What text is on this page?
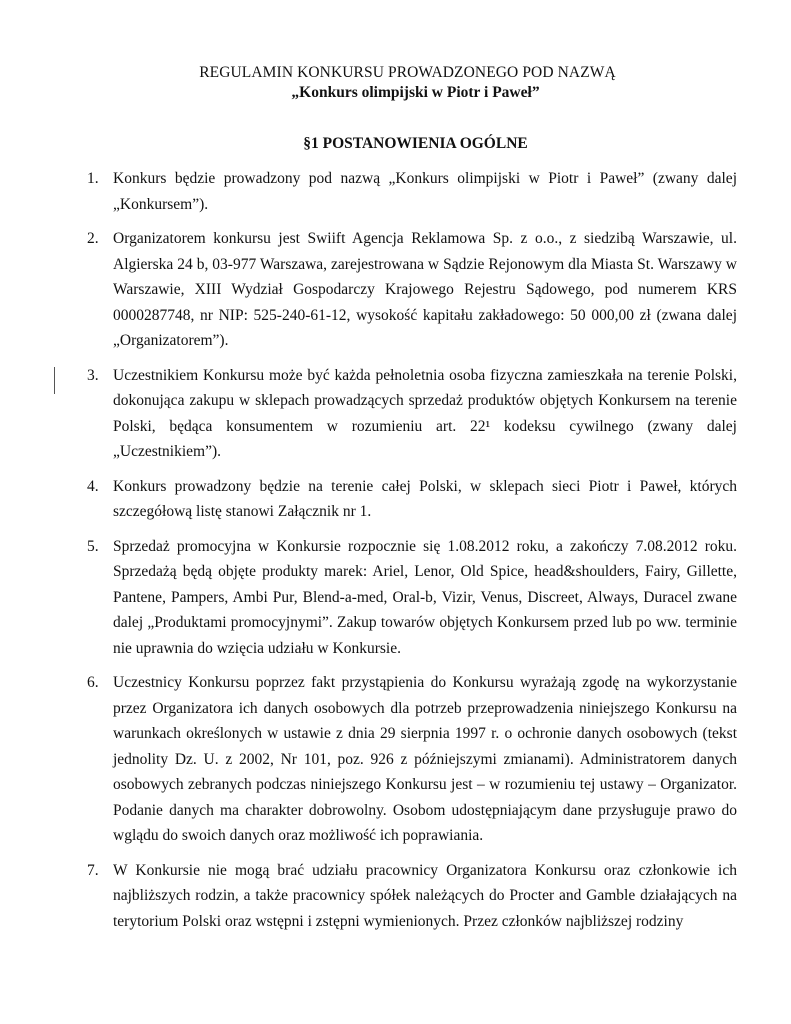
REGULAMIN KONKURSU PROWADZONEGO POD NAZWĄ
„Konkurs olimpijski w Piotr i Paweł”
§1 POSTANOWIENIA OGÓLNE
1. Konkurs będzie prowadzony pod nazwą „Konkurs olimpijski w Piotr i Paweł” (zwany dalej „Konkursem”).
2. Organizatorem konkursu jest Swiift Agencja Reklamowa Sp. z o.o., z siedzibą Warszawie, ul. Algierska 24 b, 03-977 Warszawa, zarejestrowana w Sądzie Rejonowym dla Miasta St. Warszawy w Warszawie, XIII Wydział Gospodarczy Krajowego Rejestru Sądowego, pod numerem KRS 0000287748, nr NIP: 525-240-61-12, wysokość kapitału zakładowego: 50 000,00 zł (zwana dalej „Organizatorem”).
3. Uczestnikiem Konkursu może być każda pełnoletnia osoba fizyczna zamieszkała na terenie Polski, dokonująca zakupu w sklepach prowadzących sprzedaż produktów objętych Konkursem na terenie Polski, będąca konsumentem w rozumieniu art. 22¹ kodeksu cywilnego (zwany dalej „Uczestnikiem”).
4. Konkurs prowadzony będzie na terenie całej Polski, w sklepach sieci Piotr i Paweł, których szczegółową listę stanowi Załącznik nr 1.
5. Sprzedaż promocyjna w Konkursie rozpocznie się 1.08.2012 roku, a zakończy 7.08.2012 roku. Sprzedażą będą objęte produkty marek: Ariel, Lenor, Old Spice, head&shoulders, Fairy, Gillette, Pantene, Pampers, Ambi Pur, Blend-a-med, Oral-b, Vizir, Venus, Discreet, Always, Duracel zwane dalej „Produktami promocyjnymi”. Zakup towarów objętych Konkursem przed lub po ww. terminie nie uprawnia do wzięcia udziału w Konkursie.
6. Uczestnicy Konkursu poprzez fakt przystąpienia do Konkursu wyrażają zgodę na wykorzystanie przez Organizatora ich danych osobowych dla potrzeb przeprowadzenia niniejszego Konkursu na warunkach określonych w ustawie z dnia 29 sierpnia 1997 r. o ochronie danych osobowych (tekst jednolity Dz. U. z 2002, Nr 101, poz. 926 z późniejszymi zmianami). Administratorem danych osobowych zebranych podczas niniejszego Konkursu jest – w rozumieniu tej ustawy – Organizator. Podanie danych ma charakter dobrowolny. Osobom udostępniającym dane przysługuje prawo do wglądu do swoich danych oraz możliwość ich poprawiania.
7. W Konkursie nie mogą brać udziału pracownicy Organizatora Konkursu oraz członkowie ich najbliższych rodzin, a także pracownicy spółek należących do Procter and Gamble działających na terytorium Polski oraz wstępni i zstępni wymienionych. Przez członków najbliższej rodziny
